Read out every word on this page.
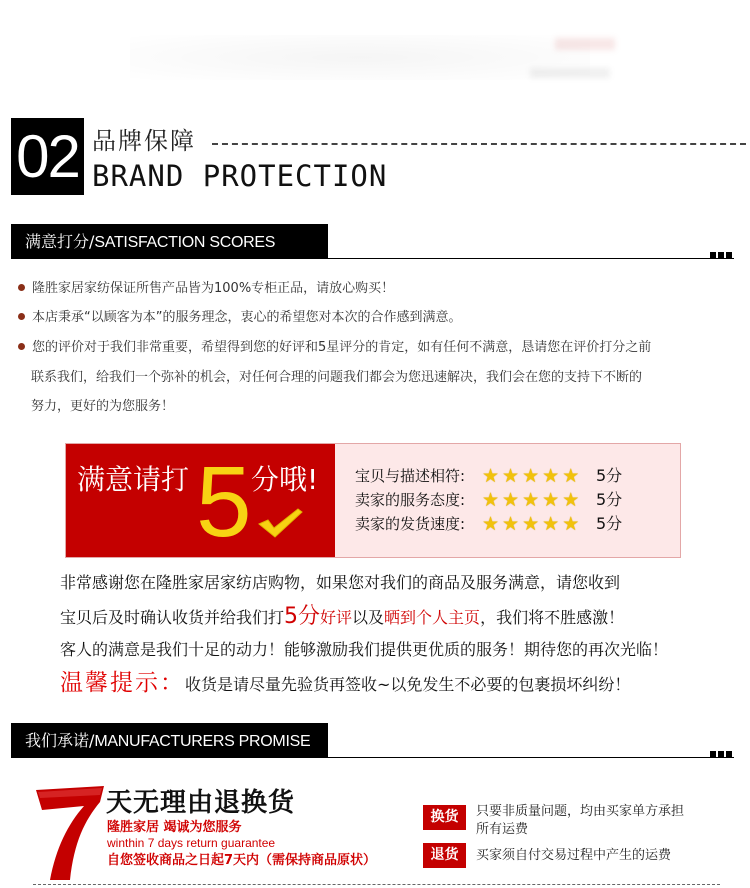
02 品牌保障
BRAND PROTECTION
满意打分/SATISFACTION SCORES
隆胜家居家纺保证所售产品皆为100%专柜正品，请放心购买！
本店秉承“以顾客为本”的服务理念，衷心的希望您对本次的合作感到满意。
您的评价对于我们非常重要，希望得到您的好评和5星评分的肯定，如有任何不满意，恳请您在评价打分之前
联系我们，给我们一个弥补的机会，对任何合理的问题我们都会为您迅速解决，我们会在您的支持下不断的
努力，更好的为您服务！
满意请打 5 分哦! 宝贝与描述相符: ★ ★ ★ ★ ★ 5分
卖家的服务态度: ★ ★ ★ ★ ★ 5分
卖家的发货速度: ★ ★ ★ ★ ★ 5分
非常感谢您在隆胜家居家纺店购物，如果您对我们的商品及服务满意，请您收到
宝贝后及时确认收货并给我们打5分好评以及晒到个人主页，我们将不胜感激！
客人的满意是我们十足的动力！能够激励我们提供更优质的服务！期待您的再次光临！
温馨提示：收货是请尽量先验货再签收~以免发生不必要的包裹损坏纠纷！
我们承诺/MANUFACTURERS PROMISE
天无理由退换货
隆胜家居 竭诚为您服务
winthin 7 days return guarantee
自您签收商品之日起7天内（需保持商品原状）
换货	只要非质量问题，均由买家单方承担
所有运费
退货	买家须自付交易过程中产生的运费
